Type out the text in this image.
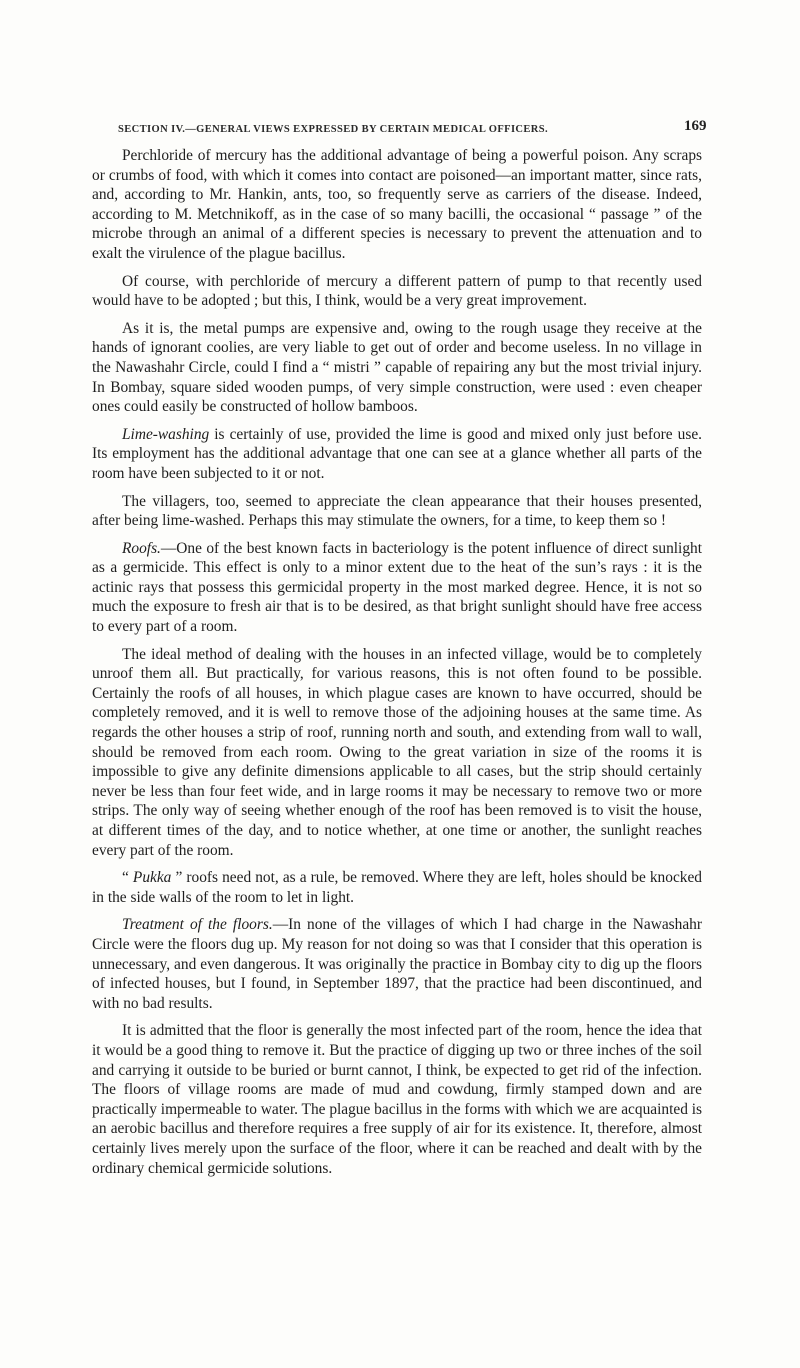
SECTION IV.—GENERAL VIEWS EXPRESSED BY CERTAIN MEDICAL OFFICERS.	169

Perchloride of mercury has the additional advantage of being a powerful poison. Any scraps or crumbs of food, with which it comes into contact are poisoned—an important matter, since rats, and, according to Mr. Hankin, ants, too, so frequently serve as carriers of the disease. Indeed, according to M. Metchnikoff, as in the case of so many bacilli, the occasional “ passage ” of the microbe through an animal of a different species is necessary to prevent the attenuation and to exalt the virulence of the plague bacillus.

Of course, with perchloride of mercury a different pattern of pump to that recently used would have to be adopted ; but this, I think, would be a very great improvement.

As it is, the metal pumps are expensive and, owing to the rough usage they receive at the hands of ignorant coolies, are very liable to get out of order and become useless. In no village in the Nawashahr Circle, could I find a “ mistri ” capable of repairing any but the most trivial injury. In Bombay, square sided wooden pumps, of very simple construction, were used : even cheaper ones could easily be constructed of hollow bamboos.

Lime-washing is certainly of use, provided the lime is good and mixed only just before use. Its employment has the additional advantage that one can see at a glance whether all parts of the room have been subjected to it or not.

The villagers, too, seemed to appreciate the clean appearance that their houses presented, after being lime-washed. Perhaps this may stimulate the owners, for a time, to keep them so !

Roofs.—One of the best known facts in bacteriology is the potent influence of direct sunlight as a germicide. This effect is only to a minor extent due to the heat of the sun’s rays : it is the actinic rays that possess this germicidal property in the most marked degree. Hence, it is not so much the exposure to fresh air that is to be desired, as that bright sunlight should have free access to every part of a room.

The ideal method of dealing with the houses in an infected village, would be to completely unroof them all. But practically, for various reasons, this is not often found to be possible. Certainly the roofs of all houses, in which plague cases are known to have occurred, should be completely removed, and it is well to remove those of the adjoining houses at the same time. As regards the other houses a strip of roof, running north and south, and extending from wall to wall, should be removed from each room. Owing to the great variation in size of the rooms it is impossible to give any definite dimensions applicable to all cases, but the strip should certainly never be less than four feet wide, and in large rooms it may be necessary to remove two or more strips. The only way of seeing whether enough of the roof has been removed is to visit the house, at different times of the day, and to notice whether, at one time or another, the sunlight reaches every part of the room.

“ Pukka ” roofs need not, as a rule, be removed. Where they are left, holes should be knocked in the side walls of the room to let in light.

Treatment of the floors.—In none of the villages of which I had charge in the Nawashahr Circle were the floors dug up. My reason for not doing so was that I consider that this operation is unnecessary, and even dangerous. It was originally the practice in Bombay city to dig up the floors of infected houses, but I found, in September 1897, that the practice had been discontinued, and with no bad results.

It is admitted that the floor is generally the most infected part of the room, hence the idea that it would be a good thing to remove it. But the practice of digging up two or three inches of the soil and carrying it outside to be buried or burnt cannot, I think, be expected to get rid of the infection. The floors of village rooms are made of mud and cowdung, firmly stamped down and are practically impermeable to water. The plague bacillus in the forms with which we are acquainted is an aerobic bacillus and therefore requires a free supply of air for its existence. It, therefore, almost certainly lives merely upon the surface of the floor, where it can be reached and dealt with by the ordinary chemical germicide solutions.
